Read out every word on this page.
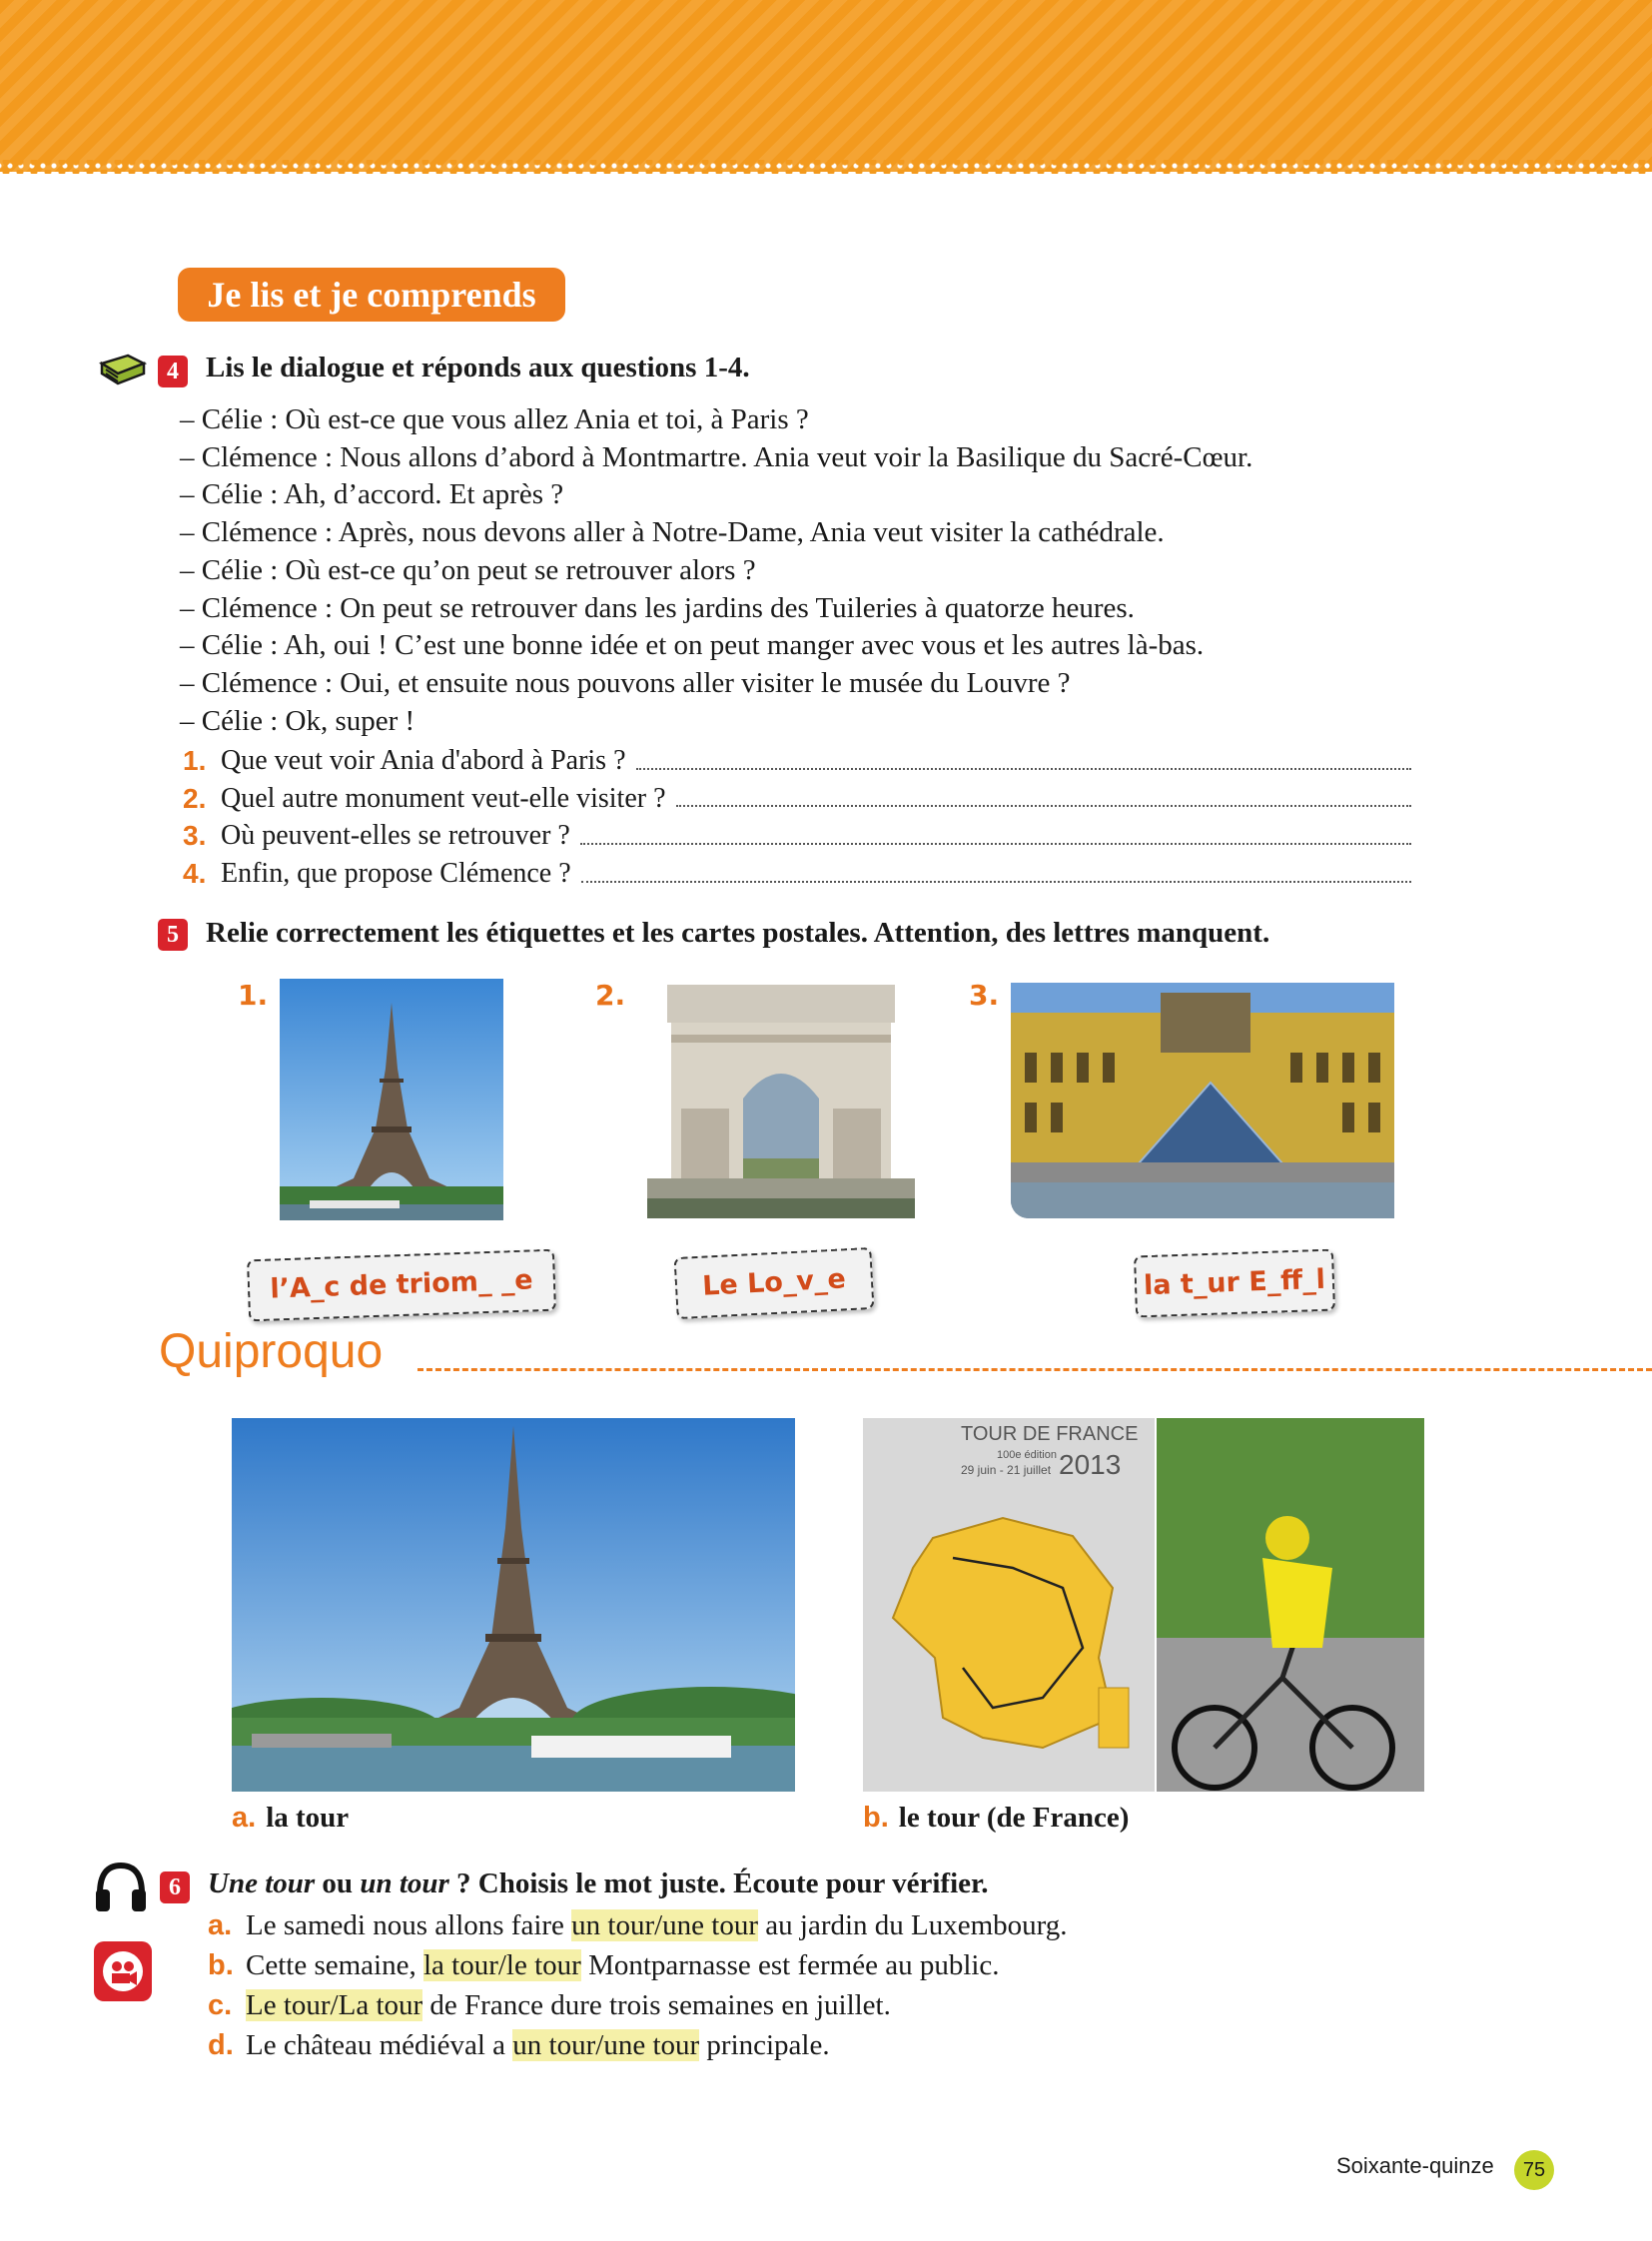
Je lis et je comprends
4 Lis le dialogue et réponds aux questions 1-4.
– Célie : Où est-ce que vous allez Ania et toi, à Paris ?
– Clémence : Nous allons d’abord à Montmartre. Ania veut voir la Basilique du Sacré-Cœur.
– Célie : Ah, d’accord. Et après ?
– Clémence : Après, nous devons aller à Notre-Dame, Ania veut visiter la cathédrale.
– Célie : Où est-ce qu’on peut se retrouver alors ?
– Clémence : On peut se retrouver dans les jardins des Tuileries à quatorze heures.
– Célie : Ah, oui ! C’est une bonne idée et on peut manger avec vous et les autres là-bas.
– Clémence : Oui, et ensuite nous pouvons aller visiter le musée du Louvre ?
– Célie : Ok, super !
1. Que veut voir Ania d'abord à Paris ?
2. Quel autre monument veut-elle visiter ?
3. Où peuvent-elles se retrouver ?
4. Enfin, que propose Clémence ?
5 Relie correctement les étiquettes et les cartes postales. Attention, des lettres manquent.
1.	2.	3.
l’A_c de triom_ _e	Le Lo_v_e	la t_ur E_ff_l
Quiproquo
TOUR DE FRANCE
100e édition
29 juin - 21 juillet 2013
a. la tour	b. le tour (de France)
6 Une tour ou un tour ? Choisis le mot juste. Écoute pour vérifier.
a. Le samedi nous allons faire un tour/une tour au jardin du Luxembourg.
b. Cette semaine, la tour/le tour Montparnasse est fermée au public.
c. Le tour/La tour de France dure trois semaines en juillet.
d. Le château médiéval a un tour/une tour principale.
Soixante-quinze	75
